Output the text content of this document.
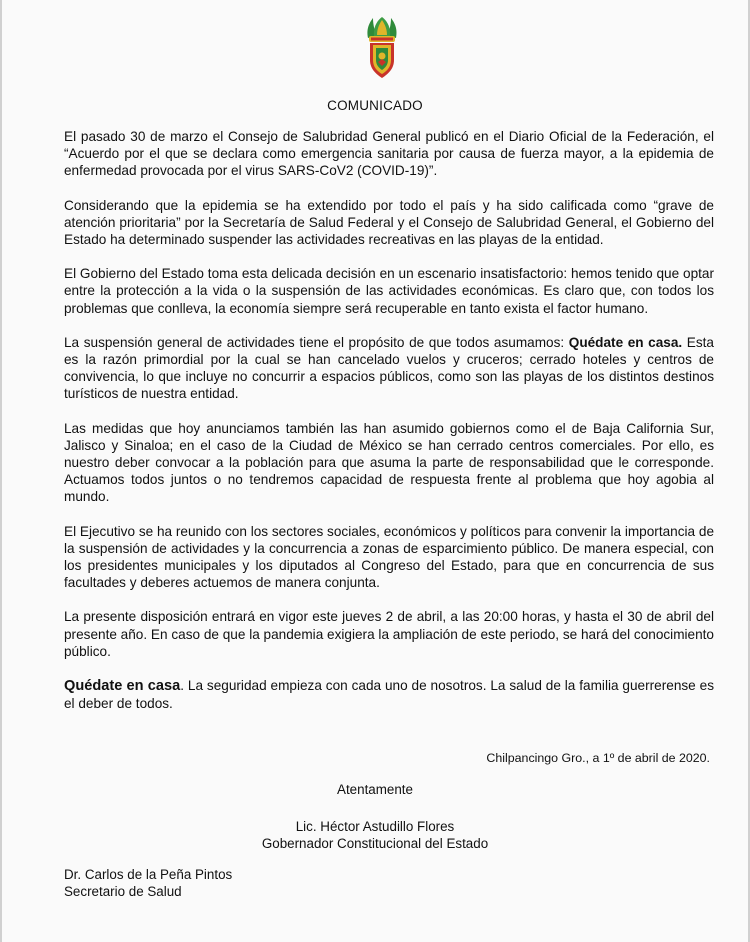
COMUNICADO

El pasado 30 de marzo el Consejo de Salubridad General publicó en el Diario Oficial de la Federación, el “Acuerdo por el que se declara como emergencia sanitaria por causa de fuerza mayor, a la epidemia de enfermedad provocada por el virus SARS-CoV2 (COVID-19)”.

Considerando que la epidemia se ha extendido por todo el país y ha sido calificada como “grave de atención prioritaria” por la Secretaría de Salud Federal y el Consejo de Salubridad General, el Gobierno del Estado ha determinado suspender las actividades recreativas en las playas de la entidad.

El Gobierno del Estado toma esta delicada decisión en un escenario insatisfactorio: hemos tenido que optar entre la protección a la vida o la suspensión de las actividades económicas. Es claro que, con todos los problemas que conlleva, la economía siempre será recuperable en tanto exista el factor humano.

La suspensión general de actividades tiene el propósito de que todos asumamos: Quédate en casa. Esta es la razón primordial por la cual se han cancelado vuelos y cruceros; cerrado hoteles y centros de convivencia, lo que incluye no concurrir a espacios públicos, como son las playas de los distintos destinos turísticos de nuestra entidad.

Las medidas que hoy anunciamos también las han asumido gobiernos como el de Baja California Sur, Jalisco y Sinaloa; en el caso de la Ciudad de México se han cerrado centros comerciales. Por ello, es nuestro deber convocar a la población para que asuma la parte de responsabilidad que le corresponde. Actuamos todos juntos o no tendremos capacidad de respuesta frente al problema que hoy agobia al mundo.

El Ejecutivo se ha reunido con los sectores sociales, económicos y políticos para convenir la importancia de la suspensión de actividades y la concurrencia a zonas de esparcimiento público. De manera especial, con los presidentes municipales y los diputados al Congreso del Estado, para que en concurrencia de sus facultades y deberes actuemos de manera conjunta.

La presente disposición entrará en vigor este jueves 2 de abril, a las 20:00 horas, y hasta el 30 de abril del presente año. En caso de que la pandemia exigiera la ampliación de este periodo, se hará del conocimiento público.

Quédate en casa. La seguridad empieza con cada uno de nosotros. La salud de la familia guerrerense es el deber de todos.

Chilpancingo Gro., a 1º de abril de 2020.
Atentamente
Lic. Héctor Astudillo Flores
Gobernador Constitucional del Estado
Dr. Carlos de la Peña Pintos
Secretario de Salud
